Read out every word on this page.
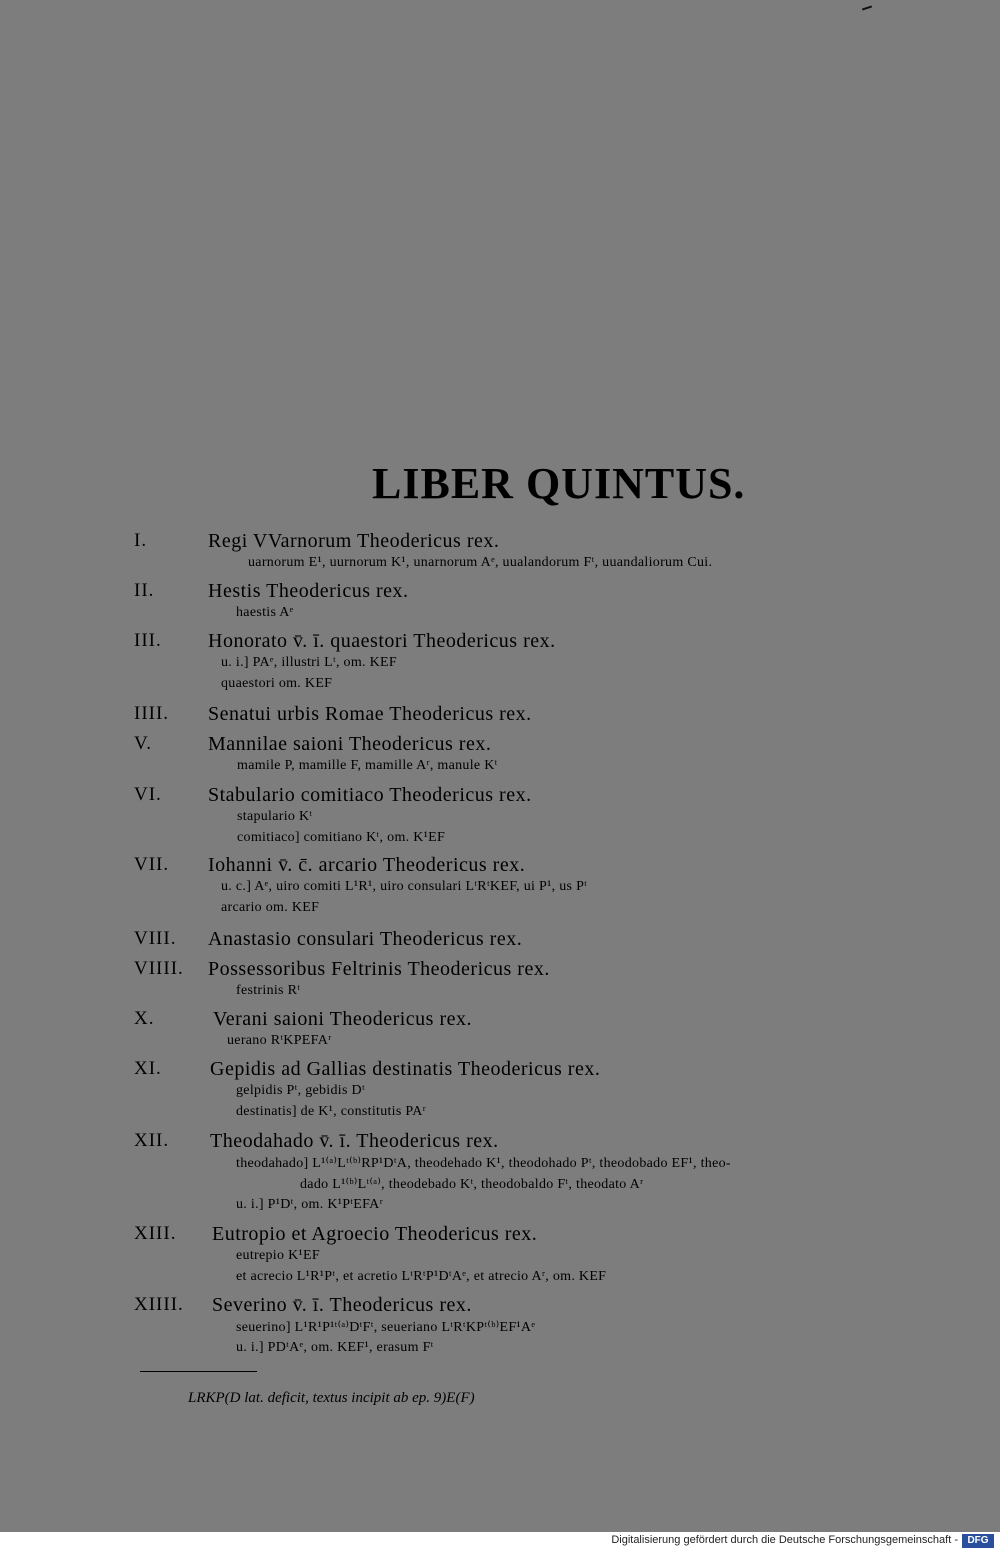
LIBER QUINTUS.
I.	Regi VVarnorum Theodericus rex.
uarnorum E¹, uurnorum K¹, unarnorum Aᵉ, uualandorum Fᵗ, uuandaliorum Cui.
II.	Hestis Theodericus rex.
haestis Aᵉ
III. Honorato v̄. ī. quaestori Theodericus rex.
u. i.] PAᵉ, illustri Lᵗ, om. KEF
quaestori om. KEF
IIII. Senatui urbis Romae Theodericus rex.
V.	Mannilae saioni Theodericus rex.
mamile P, mamille F, mamille Aʳ, manule Kᵗ
VI. Stabulario comitiaco Theodericus rex.
stapulario Kᵗ
comitiaco] comitiano Kᵗ, om. K¹EF
VII. Iohanni v̄. c̄. arcario Theodericus rex.
u. c.] Aᵉ, uiro comiti L¹R¹, uiro consulari LᵗRᵗKEF, ui P¹, us Pᵗ
arcario om. KEF
VIII. Anastasio consulari Theodericus rex.
VIIII. Possessoribus Feltrinis Theodericus rex.
festrinis Rᵗ
X.	Verani saioni Theodericus rex.
uerano RᵗKPEFAʳ
XI. Gepidis ad Gallias destinatis Theodericus rex.
gelpidis Pᵗ, gebidis Dᵗ
destinatis] de K¹, constitutis PAʳ
XII. Theodahado v̄. ī. Theodericus rex.
theodahado] L¹⁽ᵃ⁾Lᵗ⁽ᵇ⁾RP¹DᵗA, theodehado K¹, theodohado Pᵗ, theodobado EF¹, theo-
dado L¹⁽ᵇ⁾Lᵗ⁽ᵃ⁾, theodebado Kᵗ, theodobaldo Fᵗ, theodato Aʳ
u. i.] P¹Dᵗ, om. K¹PᵗEFAʳ
XIII. Eutropio et Agroecio Theodericus rex.
eutrepio K¹EF
et acrecio L¹R¹Pᵗ, et acretio LᵗRᵗP¹DᵗAᵉ, et atrecio Aʳ, om. KEF
XIIII. Severino v̄. ī. Theodericus rex.
seuerino] L¹R¹P¹ᵗ⁽ᵃ⁾DᵗFᵗ, seueriano LᵗRᵗKPᵗ⁽ᵇ⁾EF¹Aᵉ
u. i.] PDᵗAᵉ, om. KEF¹, erasum Fᵗ
LRKP(D lat. deficit, textus incipit ab ep. 9)E(F)
Digitalisierung gefördert durch die Deutsche Forschungsgemeinschaft - DFG
